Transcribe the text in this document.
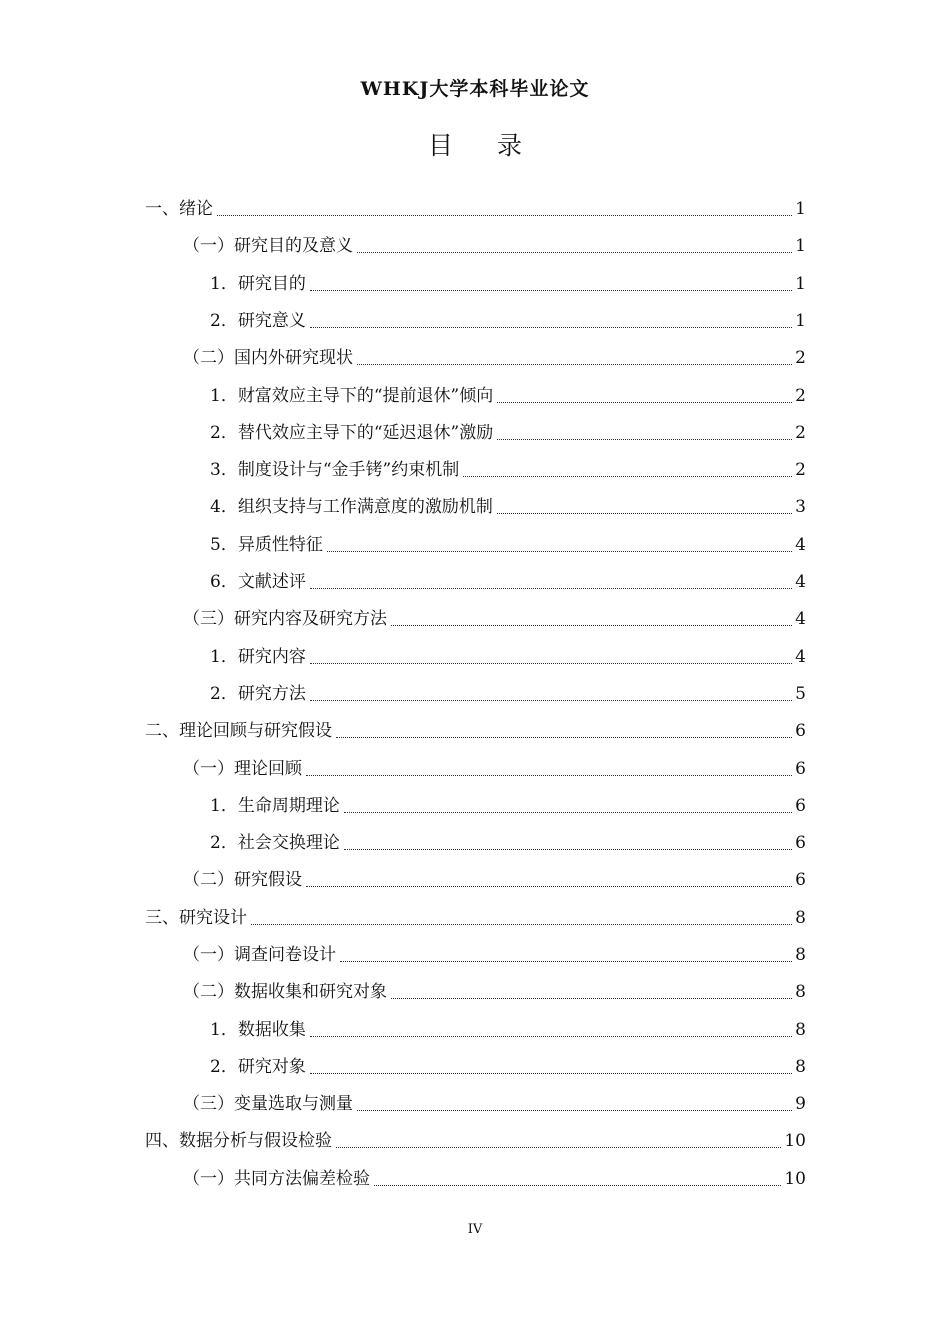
WHKJ大学本科毕业论文
目 录
一、绪论	1
（一）研究目的及意义	1
1．研究目的	1
2．研究意义	1
（二）国内外研究现状	2
1．财富效应主导下的“提前退休”倾向	2
2．替代效应主导下的“延迟退休”激励	2
3．制度设计与“金手铐”约束机制	2
4．组织支持与工作满意度的激励机制	3
5．异质性特征	4
6．文献述评	4
（三）研究内容及研究方法	4
1．研究内容	4
2．研究方法	5
二、理论回顾与研究假设	6
（一）理论回顾	6
1．生命周期理论	6
2．社会交换理论	6
（二）研究假设	6
三、研究设计	8
（一）调查问卷设计	8
（二）数据收集和研究对象	8
1．数据收集	8
2．研究对象	8
（三）变量选取与测量	9
四、数据分析与假设检验	10
（一）共同方法偏差检验	10
IV
